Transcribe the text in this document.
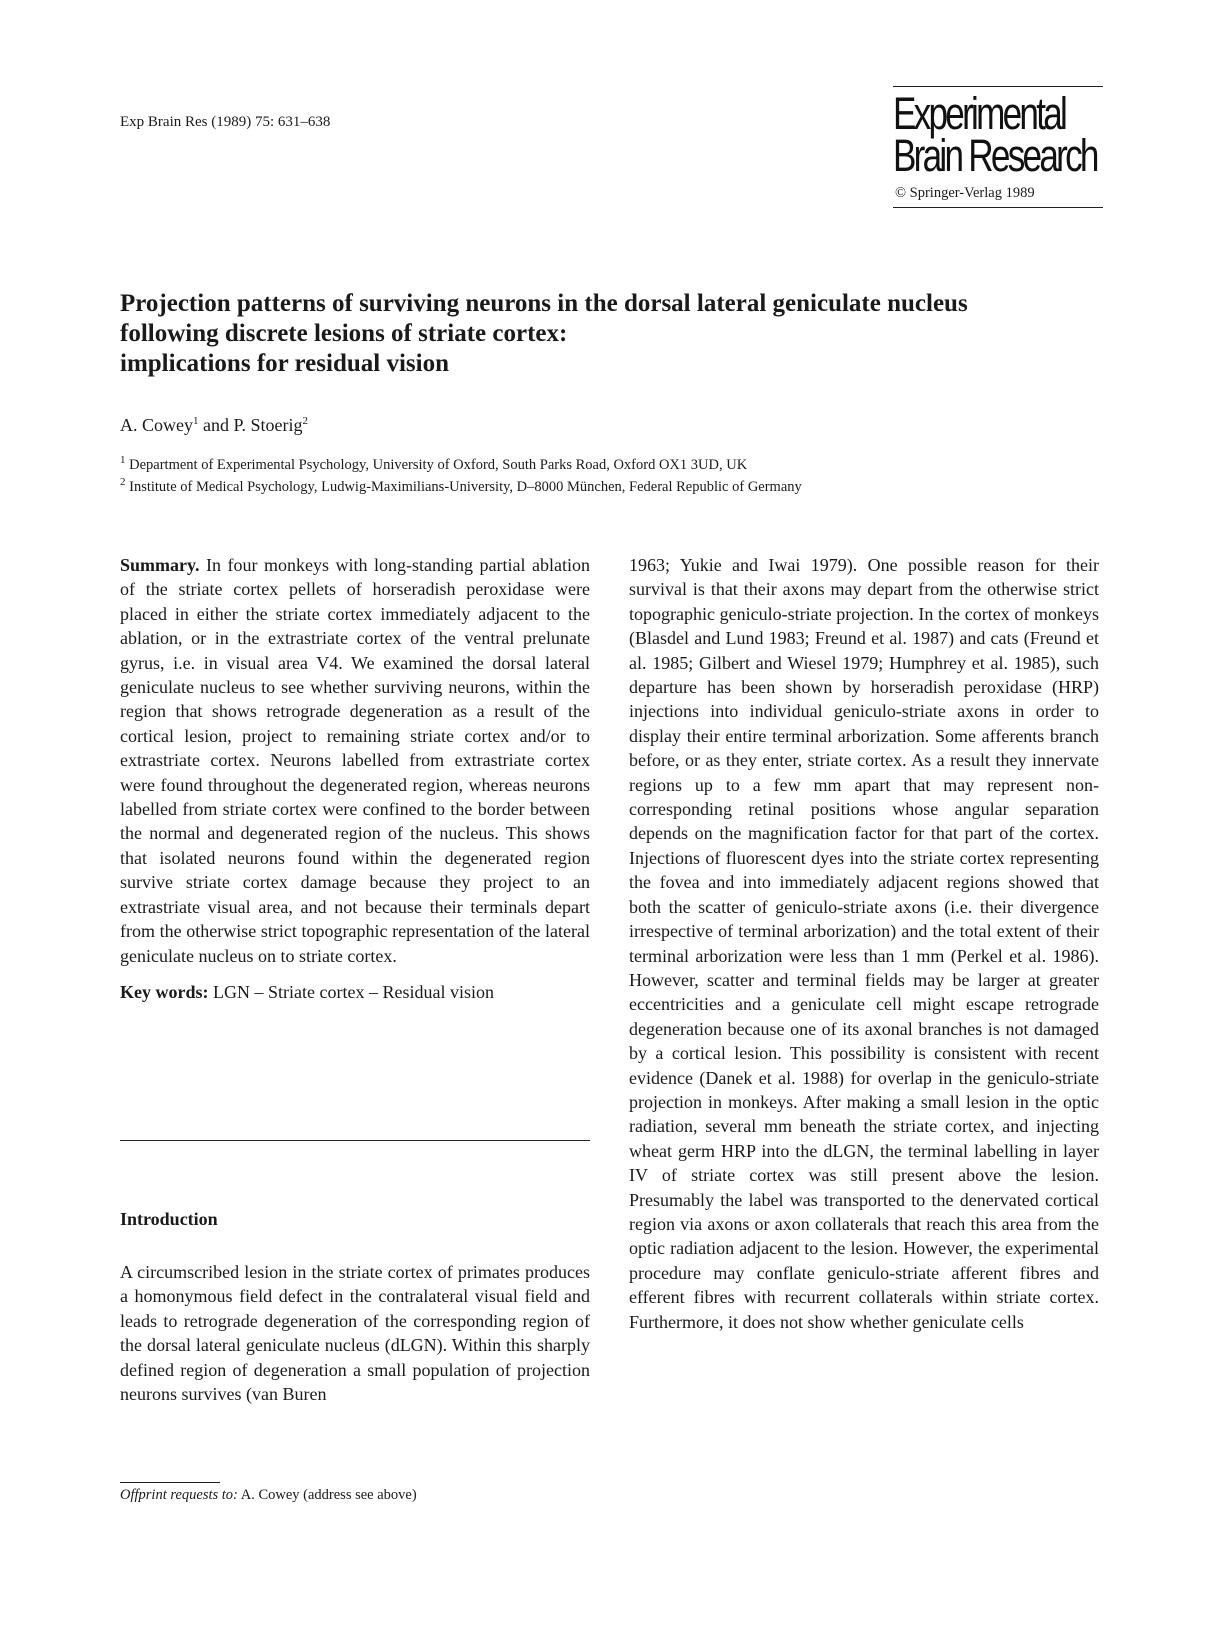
Exp Brain Res (1989) 75: 631–638	Experimental
Brain Research
© Springer-Verlag 1989
Projection patterns of surviving neurons in the dorsal lateral geniculate nucleus
following discrete lesions of striate cortex:
implications for residual vision
A. Cowey$^1$ and P. Stoerig$^2$
$^1$ Department of Experimental Psychology, University of Oxford, South Parks Road, Oxford OX1 3UD, UK
$^2$ Institute of Medical Psychology, Ludwig-Maximilians-University, D–8000 München, Federal Republic of Germany

Summary. In four monkeys with long-standing partial ablation of the striate cortex pellets of horseradish peroxidase were placed in either the striate cortex immediately adjacent to the ablation, or in the extrastriate cortex of the ventral prelunate gyrus, i.e. in visual area V4. We examined the dorsal lateral geniculate nucleus to see whether surviving neurons, within the region that shows retrograde degeneration as a result of the cortical lesion, project to remaining striate cortex and/or to extrastriate cortex. Neurons labelled from extrastriate cortex were found throughout the degenerated region, whereas neurons labelled from striate cortex were confined to the border between the normal and degenerated region of the nucleus. This shows that isolated neurons found within the degenerated region survive striate cortex damage because they project to an extrastriate visual area, and not because their terminals depart from the otherwise strict topographic representation of the lateral geniculate nucleus on to striate cortex.

Key words: LGN – Striate cortex – Residual vision

Introduction

A circumscribed lesion in the striate cortex of primates produces a homonymous field defect in the contralateral visual field and leads to retrograde degeneration of the corresponding region of the dorsal lateral geniculate nucleus (dLGN). Within this sharply defined region of degeneration a small population of projection neurons survives (van Buren

1963; Yukie and Iwai 1979). One possible reason for their survival is that their axons may depart from the otherwise strict topographic geniculo-striate projection. In the cortex of monkeys (Blasdel and Lund 1983; Freund et al. 1987) and cats (Freund et al. 1985; Gilbert and Wiesel 1979; Humphrey et al. 1985), such departure has been shown by horseradish peroxidase (HRP) injections into individual geniculo-striate axons in order to display their entire terminal arborization. Some afferents branch before, or as they enter, striate cortex. As a result they innervate regions up to a few mm apart that may represent non-corresponding retinal positions whose angular separation depends on the magnification factor for that part of the cortex. Injections of fluorescent dyes into the striate cortex representing the fovea and into immediately adjacent regions showed that both the scatter of geniculo-striate axons (i.e. their divergence irrespective of terminal arborization) and the total extent of their terminal arborization were less than 1 mm (Perkel et al. 1986). However, scatter and terminal fields may be larger at greater eccentricities and a geniculate cell might escape retrograde degeneration because one of its axonal branches is not damaged by a cortical lesion. This possibility is consistent with recent evidence (Danek et al. 1988) for overlap in the geniculo-striate projection in monkeys. After making a small lesion in the optic radiation, several mm beneath the striate cortex, and injecting wheat germ HRP into the dLGN, the terminal labelling in layer IV of striate cortex was still present above the lesion. Presumably the label was transported to the denervated cortical region via axons or axon collaterals that reach this area from the optic radiation adjacent to the lesion. However, the experimental procedure may conflate geniculo-striate afferent fibres and efferent fibres with recurrent collaterals within striate cortex. Furthermore, it does not show whether geniculate cells

Offprint requests to: A. Cowey (address see above)
